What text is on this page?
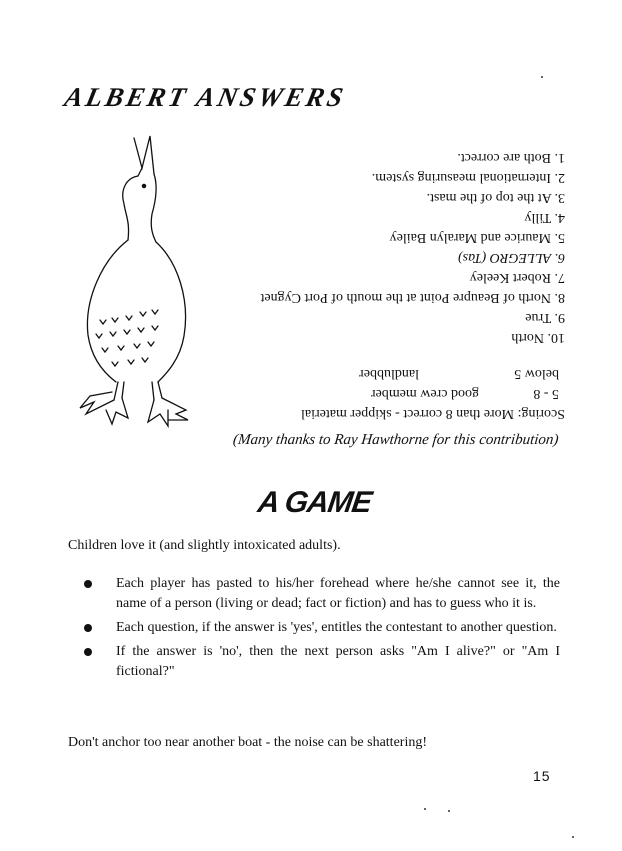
ALBERT ANSWERS
Scoring: More than 8 correct - skipper material
5 - 8
good crew member
below 5
landlubber
10. North
9. True
8. North of Beaupre Point at the mouth of Port Cygnet
7. Robert Keeley
6. ALLEGRO (Tas)
5. Maurice and Maralyn Bailey
4. Tilly
3. At the top of the mast.
2. International measuring system.
1. Both are correct.
(Many thanks to Ray Hawthorne for this contribution)
A GAME
Children love it (and slightly intoxicated adults).
Each player has pasted to his/her forehead where he/she cannot see it, the name of a person (living or dead; fact or fiction) and has to guess who it is.
Each question, if the answer is 'yes', entitles the contestant to another question.
If the answer is 'no', then the next person asks "Am I alive?" or "Am I fictional?"
Don't anchor too near another boat - the noise can be shattering!
15
